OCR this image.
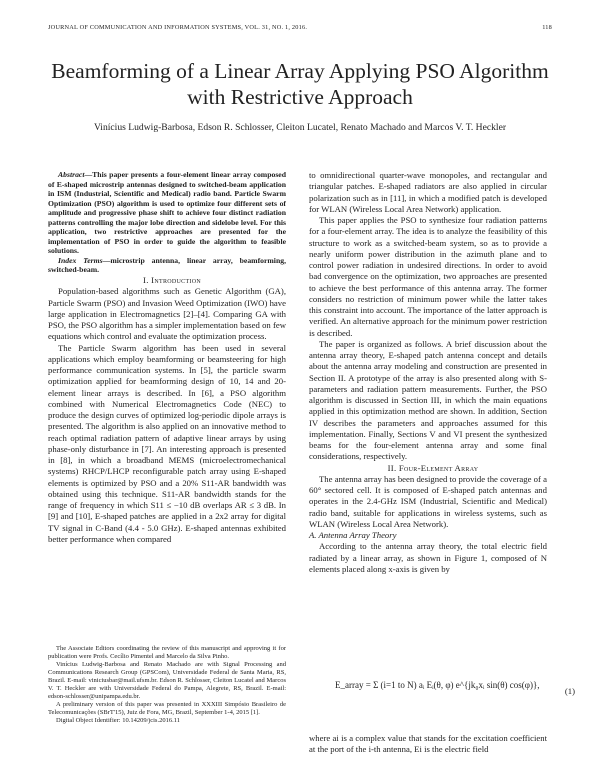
JOURNAL OF COMMUNICATION AND INFORMATION SYSTEMS, VOL. 31, NO. 1, 2016.	118
Beamforming of a Linear Array Applying PSO Algorithm with Restrictive Approach
Vinícius Ludwig-Barbosa, Edson R. Schlosser, Cleiton Lucatel, Renato Machado and Marcos V. T. Heckler

Abstract—This paper presents a four-element linear array composed of E-shaped microstrip antennas designed to switched-beam application in ISM (Industrial, Scientific and Medical) radio band. Particle Swarm Optimization (PSO) algorithm is used to optimize four different sets of amplitude and progressive phase shift to achieve four distinct radiation patterns controlling the major lobe direction and sidelobe level. For this application, two restrictive approaches are presented for the implementation of PSO in order to guide the algorithm to feasible solutions.

Index Terms—microstrip antenna, linear array, beamforming, switched-beam.

I. Introduction

Population-based algorithms such as Genetic Algorithm (GA), Particle Swarm (PSO) and Invasion Weed Optimization (IWO) have large application in Electromagnetics [2]–[4]. Comparing GA with PSO, the PSO algorithm has a simpler implementation based on few equations which control and evaluate the optimization process.

The Particle Swarm algorithm has been used in several applications which employ beamforming or beamsteering for high performance communication systems. In [5], the particle swarm optimization applied for beamforming design of 10, 14 and 20-element linear arrays is described. In [6], a PSO algorithm combined with Numerical Electromagnetics Code (NEC) to produce the design curves of optimized log-periodic dipole arrays is presented. The algorithm is also applied on an innovative method to reach optimal radiation pattern of adaptive linear arrays by using phase-only disturbance in [7]. An interesting approach is presented in [8], in which a broadband MEMS (microelectromechanical systems) RHCP/LHCP reconfigurable patch array using E-shaped elements is optimized by PSO and a 20% S11-AR bandwidth was obtained using this technique. S11-AR bandwidth stands for the range of frequency in which S11 ≤ −10 dB overlaps AR ≤ 3 dB. In [9] and [10], E-shaped patches are applied in a 2x2 array for digital TV signal in C-Band (4.4 - 5.0 GHz). E-shaped antennas exhibited better performance when compared

The Associate Editors coordinating the review of this manuscript and approving it for publication were Profs. Cecílio Pimentel and Marcelo da Silva Pinho.

Vinícius Ludwig-Barbosa and Renato Machado are with Signal Processing and Communications Research Group (GPSCom), Universidade Federal de Santa Maria, RS, Brazil. E-mail: viniciusbar@mail.ufsm.br. Edson R. Schlosser, Cleiton Lucatel and Marcos V. T. Heckler are with Universidade Federal do Pampa, Alegrete, RS, Brazil. E-mail: edson-schlosser@unipampa.edu.br.

A preliminary version of this paper was presented in XXXIII Simpósio Brasileiro de Telecomunicações (SBrT'15), Juiz de Fora, MG, Brazil, September 1-4, 2015 [1].

Digital Object Identifier: 10.14209/jcis.2016.11

to omnidirectional quarter-wave monopoles, and rectangular and triangular patches. E-shaped radiators are also applied in circular polarization such as in [11], in which a modified patch is developed for WLAN (Wireless Local Area Network) application.

This paper applies the PSO to synthesize four radiation patterns for a four-element array. The idea is to analyze the feasibility of this structure to work as a switched-beam system, so as to provide a nearly uniform power distribution in the azimuth plane and to control power radiation in undesired directions. In order to avoid bad convergence on the optimization, two approaches are presented to achieve the best performance of this antenna array. The former considers no restriction of minimum power while the latter takes this constraint into account. The importance of the latter approach is verified. An alternative approach for the minimum power restriction is described.

The paper is organized as follows. A brief discussion about the antenna array theory, E-shaped patch antenna concept and details about the antenna array modeling and construction are presented in Section II. A prototype of the array is also presented along with S-parameters and radiation pattern measurements. Further, the PSO algorithm is discussed in Section III, in which the main equations applied in this optimization method are shown. In addition, Section IV describes the parameters and approaches assumed for this implementation. Finally, Sections V and VI present the synthesized beams for the four-element antenna array and some final considerations, respectively.

II. Four-Element Array

The antenna array has been designed to provide the coverage of a 60° sectored cell. It is composed of E-shaped patch antennas and operates in the 2.4-GHz ISM (Industrial, Scientific and Medical) radio band, suitable for applications in wireless systems, such as WLAN (Wireless Local Area Network).

A. Antenna Array Theory

According to the antenna array theory, the total electric field radiated by a linear array, as shown in Figure 1, composed of N elements placed along x-axis is given by

E_array = Σ (i=1 to N) aᵢ Eᵢ(θ, φ) e^{jk₀xᵢ sin(θ) cos(φ)},
(1)

where ai is a complex value that stands for the excitation coefficient at the port of the i-th antenna, Ei is the electric field
